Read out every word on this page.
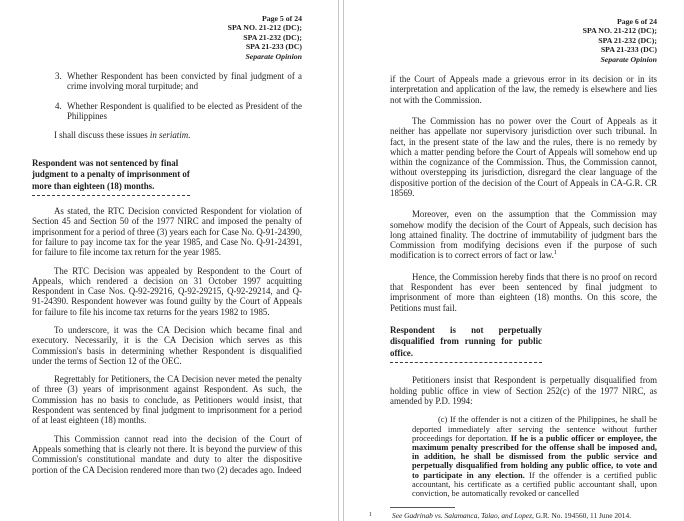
Page 5 of 24
SPA NO. 21-212 (DC);
SPA 21-232 (DC);
SPA 21-233 (DC)
Separate Opinion
3. Whether Respondent has been convicted by final judgment of a crime involving moral turpitude; and
4. Whether Respondent is qualified to be elected as President of the Philippines

I shall discuss these issues in seriatim.

Respondent was not sentenced by final judgment to a penalty of imprisonment of more than eighteen (18) months.

As stated, the RTC Decision convicted Respondent for violation of Section 45 and Section 50 of the 1977 NIRC and imposed the penalty of imprisonment for a period of three (3) years each for Case No. Q-91-24390, for failure to pay income tax for the year 1985, and Case No. Q-91-24391, for failure to file income tax return for the year 1985.

The RTC Decision was appealed by Respondent to the Court of Appeals, which rendered a decision on 31 October 1997 acquitting Respondent in Case Nos. Q-92-29216, Q-92-29215, Q-92-29214, and Q-91-24390. Respondent however was found guilty by the Court of Appeals for failure to file his income tax returns for the years 1982 to 1985.

To underscore, it was the CA Decision which became final and executory. Necessarily, it is the CA Decision which serves as this Commission's basis in determining whether Respondent is disqualified under the terms of Section 12 of the OEC.

Regrettably for Petitioners, the CA Decision never meted the penalty of three (3) years of imprisonment against Respondent. As such, the Commission has no basis to conclude, as Petitioners would insist, that Respondent was sentenced by final judgment to imprisonment for a period of at least eighteen (18) months.

This Commission cannot read into the decision of the Court of Appeals something that is clearly not there. It is beyond the purview of this Commission's constitutional mandate and duty to alter the dispositive portion of the CA Decision rendered more than two (2) decades ago. Indeed

Page 6 of 24
SPA NO. 21-212 (DC);
SPA 21-232 (DC);
SPA 21-233 (DC)
Separate Opinion

if the Court of Appeals made a grievous error in its decision or in its interpretation and application of the law, the remedy is elsewhere and lies not with the Commission.

The Commission has no power over the Court of Appeals as it neither has appellate nor supervisory jurisdiction over such tribunal. In fact, in the present state of the law and the rules, there is no remedy by which a matter pending before the Court of Appeals will somehow end up within the cognizance of the Commission. Thus, the Commission cannot, without overstepping its jurisdiction, disregard the clear language of the dispositive portion of the decision of the Court of Appeals in CA-G.R. CR 18569.

Moreover, even on the assumption that the Commission may somehow modify the decision of the Court of Appeals, such decision has long attained finality. The doctrine of immutability of judgment bars the Commission from modifying decisions even if the purpose of such modification is to correct errors of fact or law.$^1$

Hence, the Commission hereby finds that there is no proof on record that Respondent has ever been sentenced by final judgment to imprisonment of more than eighteen (18) months. On this score, the Petitions must fail.

Respondent is not perpetually disqualified from running for public office.

Petitioners insist that Respondent is perpetually disqualified from holding public office in view of Section 252(c) of the 1977 NIRC, as amended by P.D. 1994:

(c) If the offender is not a citizen of the Philippines, he shall be deported immediately after serving the sentence without further proceedings for deportation. If he is a public officer or employee, the maximum penalty prescribed for the offense shall be imposed and, in addition, he shall be dismissed from the public service and perpetually disqualified from holding any public office, to vote and to participate in any election. If the offender is a certified public accountant, his certificate as a certified public accountant shall, upon conviction, be automatically revoked or cancelled

1	See Gadrinab vs. Salamanca, Talao, and Lopez, G.R. No. 194560, 11 June 2014.
